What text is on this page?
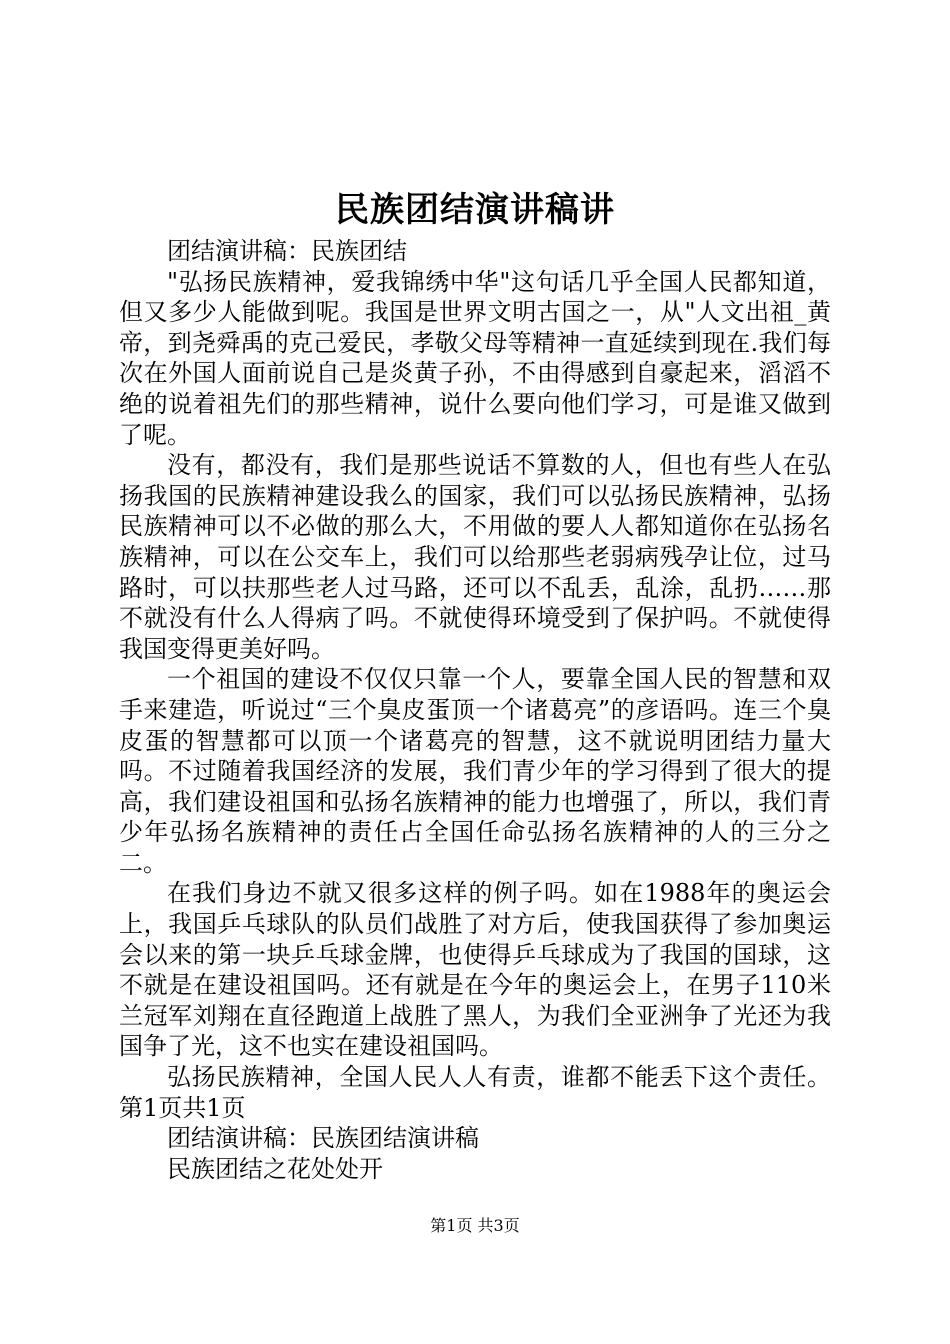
民族团结演讲稿讲

团结演讲稿：民族团结

"弘扬民族精神，爱我锦绣中华"这句话几乎全国人民都知道，但又多少人能做到呢。我国是世界文明古国之一，从"人文出祖_黄帝，到尧舜禹的克己爱民，孝敬父母等精神一直延续到现在.我们每次在外国人面前说自己是炎黄子孙，不由得感到自豪起来，滔滔不绝的说着祖先们的那些精神，说什么要向他们学习，可是谁又做到了呢。

没有，都没有，我们是那些说话不算数的人，但也有些人在弘扬我国的民族精神建设我么的国家，我们可以弘扬民族精神，弘扬民族精神可以不必做的那么大，不用做的要人人都知道你在弘扬名族精神，可以在公交车上，我们可以给那些老弱病残孕让位，过马路时，可以扶那些老人过马路，还可以不乱丢，乱涂，乱扔……那不就没有什么人得病了吗。不就使得环境受到了保护吗。不就使得我国变得更美好吗。

一个祖国的建设不仅仅只靠一个人，要靠全国人民的智慧和双手来建造，听说过“三个臭皮蛋顶一个诸葛亮”的彦语吗。连三个臭皮蛋的智慧都可以顶一个诸葛亮的智慧，这不就说明团结力量大吗。不过随着我国经济的发展，我们青少年的学习得到了很大的提高，我们建设祖国和弘扬名族精神的能力也增强了，所以，我们青少年弘扬名族精神的责任占全国任命弘扬名族精神的人的三分之二。

在我们身边不就又很多这样的例子吗。如在1988年的奥运会上，我国乒乓球队的队员们战胜了对方后，使我国获得了参加奥运会以来的第一块乒乓球金牌，也使得乒乓球成为了我国的国球，这不就是在建设祖国吗。还有就是在今年的奥运会上，在男子110米兰冠军刘翔在直径跑道上战胜了黑人，为我们全亚洲争了光还为我国争了光，这不也实在建设祖国吗。

弘扬民族精神，全国人民人人有责，谁都不能丢下这个责任。第1页共1页

团结演讲稿：民族团结演讲稿

民族团结之花处处开

第1页 共3页
